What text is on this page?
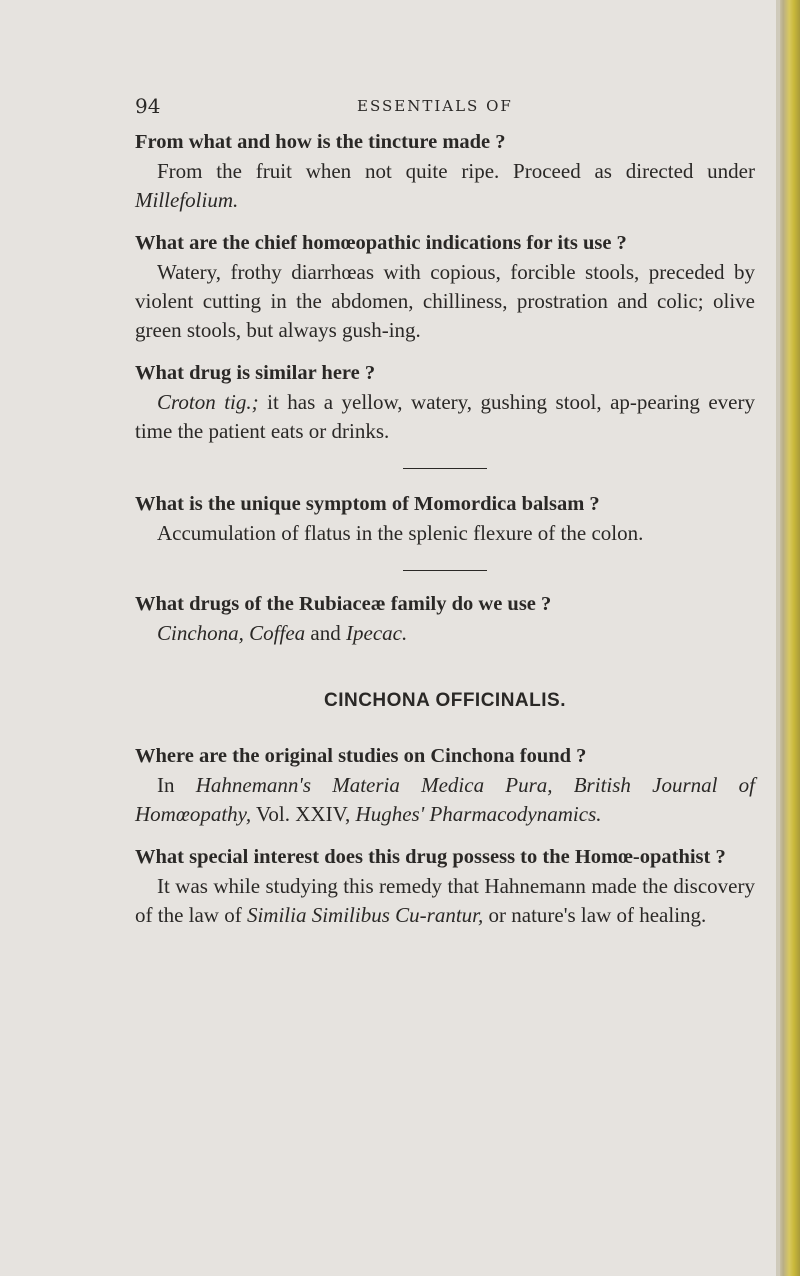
94	ESSENTIALS OF

From what and how is the tincture made ?

From the fruit when not quite ripe. Proceed as directed under Millefolium.

What are the chief homœopathic indications for its use ?

Watery, frothy diarrhœas with copious, forcible stools, preceded by violent cutting in the abdomen, chilliness, prostration and colic; olive green stools, but always gush-ing.

What drug is similar here ?

Croton tig.; it has a yellow, watery, gushing stool, ap-pearing every time the patient eats or drinks.

What is the unique symptom of Momordica balsam ?

Accumulation of flatus in the splenic flexure of the colon.

What drugs of the Rubiaceæ family do we use ?

Cinchona, Coffea and Ipecac.

CINCHONA OFFICINALIS.

Where are the original studies on Cinchona found ?

In Hahnemann's Materia Medica Pura, British Journal of Homœopathy, Vol. XXIV, Hughes' Pharmacodynamics.

What special interest does this drug possess to the Homœ-opathist ?

It was while studying this remedy that Hahnemann made the discovery of the law of Similia Similibus Cu-rantur, or nature's law of healing.
